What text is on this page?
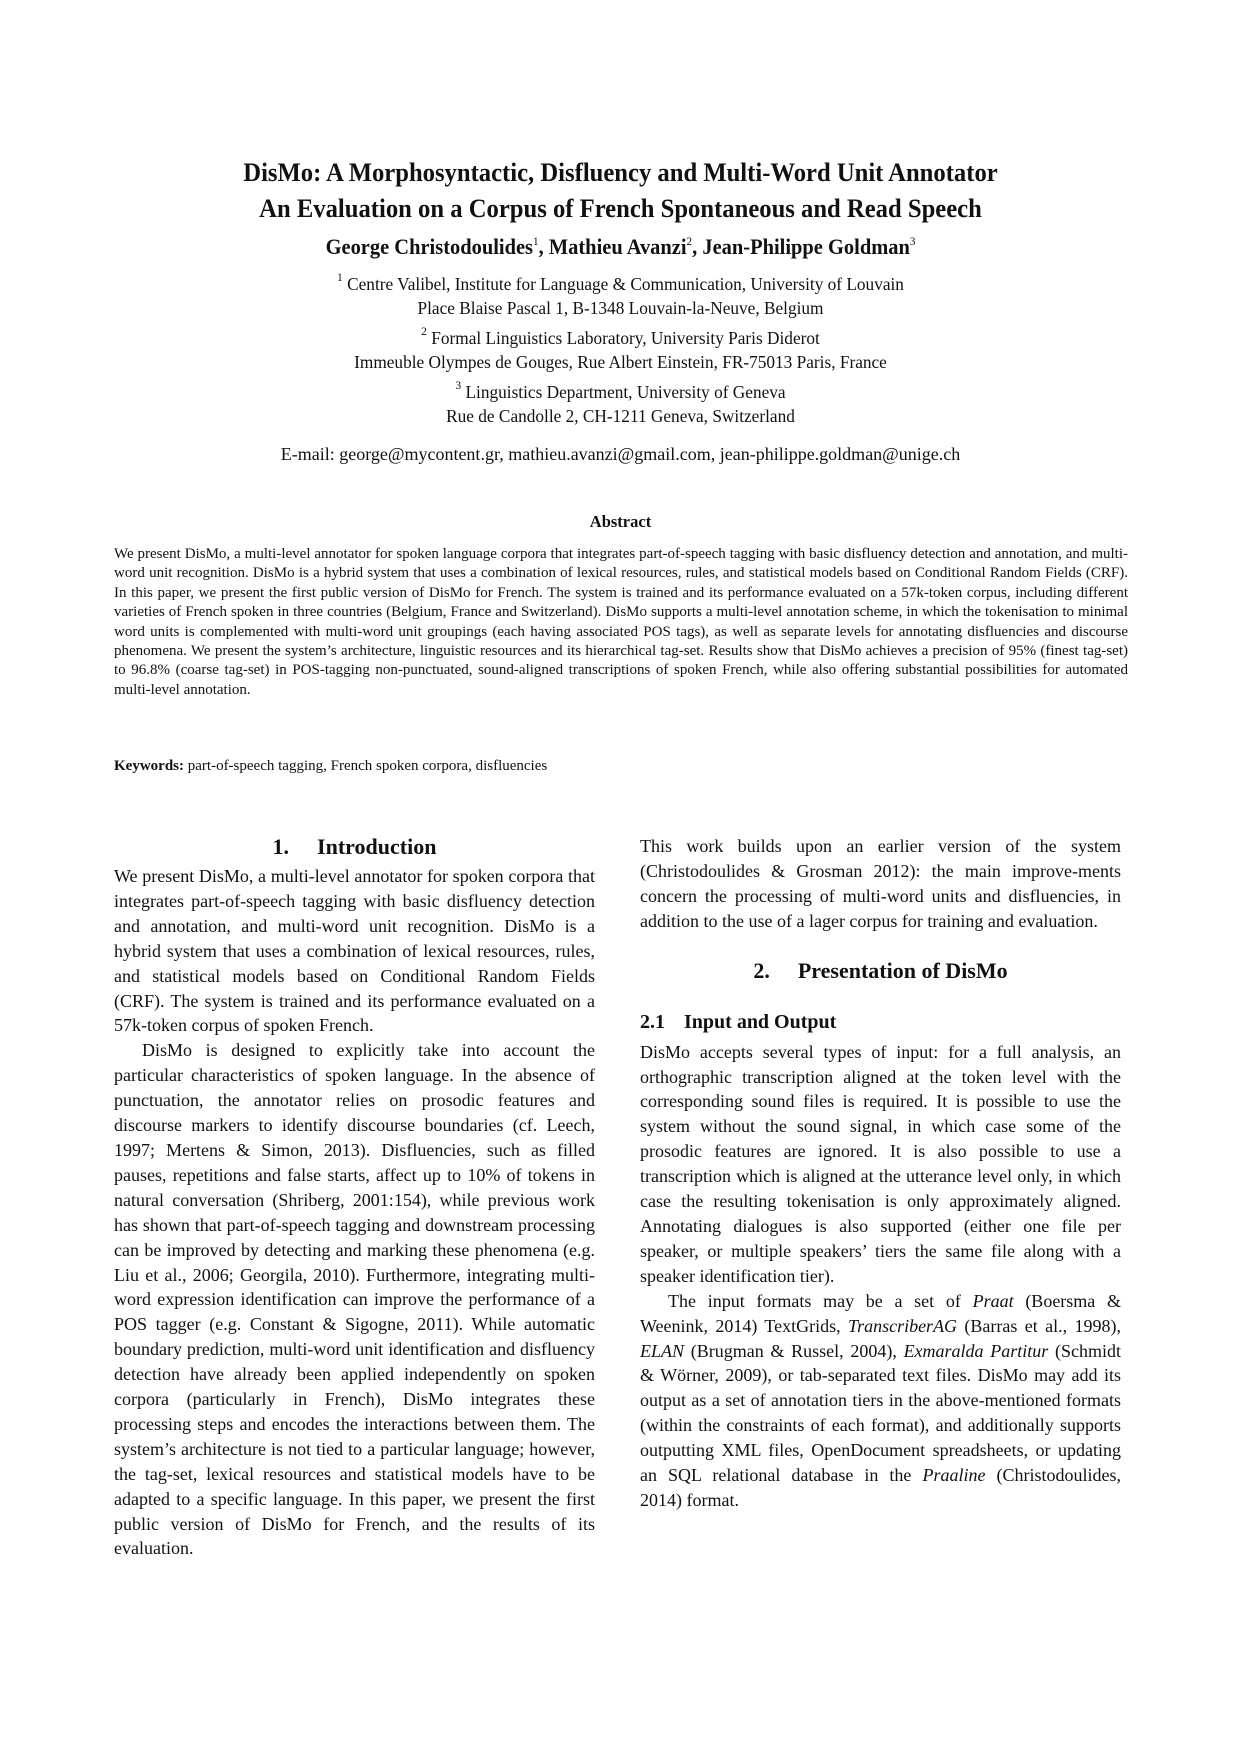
DisMo: A Morphosyntactic, Disfluency and Multi-Word Unit Annotator
An Evaluation on a Corpus of French Spontaneous and Read Speech
George Christodoulides$^1$, Mathieu Avanzi$^2$, Jean-Philippe Goldman$^3$
$^1$ Centre Valibel, Institute for Language & Communication, University of Louvain
Place Blaise Pascal 1, B-1348 Louvain-la-Neuve, Belgium
$^2$ Formal Linguistics Laboratory, University Paris Diderot
Immeuble Olympes de Gouges, Rue Albert Einstein, FR-75013 Paris, France
$^3$ Linguistics Department, University of Geneva
Rue de Candolle 2, CH-1211 Geneva, Switzerland
E-mail: george@mycontent.gr, mathieu.avanzi@gmail.com, jean-philippe.goldman@unige.ch
Abstract
We present DisMo, a multi-level annotator for spoken language corpora that integrates part-of-speech tagging with basic disfluency detection and annotation, and multi-word unit recognition. DisMo is a hybrid system that uses a combination of lexical resources, rules, and statistical models based on Conditional Random Fields (CRF). In this paper, we present the first public version of DisMo for French. The system is trained and its performance evaluated on a 57k-token corpus, including different varieties of French spoken in three countries (Belgium, France and Switzerland). DisMo supports a multi-level annotation scheme, in which the tokenisation to minimal word units is complemented with multi-word unit groupings (each having associated POS tags), as well as separate levels for annotating disfluencies and discourse phenomena. We present the system’s architecture, linguistic resources and its hierarchical tag-set. Results show that DisMo achieves a precision of 95% (finest tag-set) to 96.8% (coarse tag-set) in POS-tagging non-punctuated, sound-aligned transcriptions of spoken French, while also offering substantial possibilities for automated multi-level annotation.
Keywords: part-of-speech tagging, French spoken corpora, disfluencies
1. Introduction

We present DisMo, a multi-level annotator for spoken corpora that integrates part-of-speech tagging with basic disfluency detection and annotation, and multi-word unit recognition. DisMo is a hybrid system that uses a combination of lexical resources, rules, and statistical models based on Conditional Random Fields (CRF). The system is trained and its performance evaluated on a 57k-token corpus of spoken French.

DisMo is designed to explicitly take into account the particular characteristics of spoken language. In the absence of punctuation, the annotator relies on prosodic features and discourse markers to identify discourse boundaries (cf. Leech, 1997; Mertens & Simon, 2013). Disfluencies, such as filled pauses, repetitions and false starts, affect up to 10% of tokens in natural conversation (Shriberg, 2001:154), while previous work has shown that part-of-speech tagging and downstream processing can be improved by detecting and marking these phenomena (e.g. Liu et al., 2006; Georgila, 2010). Furthermore, integrating multi-word expression identification can improve the performance of a POS tagger (e.g. Constant & Sigogne, 2011). While automatic boundary prediction, multi-word unit identification and disfluency detection have already been applied independently on spoken corpora (particularly in French), DisMo integrates these processing steps and encodes the interactions between them. The system’s architecture is not tied to a particular language; however, the tag-set, lexical resources and statistical models have to be adapted to a specific language. In this paper, we present the first public version of DisMo for French, and the results of its evaluation.

This work builds upon an earlier version of the system (Christodoulides & Grosman 2012): the main improve-ments concern the processing of multi-word units and disfluencies, in addition to the use of a lager corpus for training and evaluation.

2. Presentation of DisMo
2.1 Input and Output

DisMo accepts several types of input: for a full analysis, an orthographic transcription aligned at the token level with the corresponding sound files is required. It is possible to use the system without the sound signal, in which case some of the prosodic features are ignored. It is also possible to use a transcription which is aligned at the utterance level only, in which case the resulting tokenisation is only approximately aligned. Annotating dialogues is also supported (either one file per speaker, or multiple speakers’ tiers the same file along with a speaker identification tier).

The input formats may be a set of Praat (Boersma & Weenink, 2014) TextGrids, TranscriberAG (Barras et al., 1998), ELAN (Brugman & Russel, 2004), Exmaralda Partitur (Schmidt & Wörner, 2009), or tab-separated text files. DisMo may add its output as a set of annotation tiers in the above-mentioned formats (within the constraints of each format), and additionally supports outputting XML files, OpenDocument spreadsheets, or updating an SQL relational database in the Praaline (Christodoulides, 2014) format.
